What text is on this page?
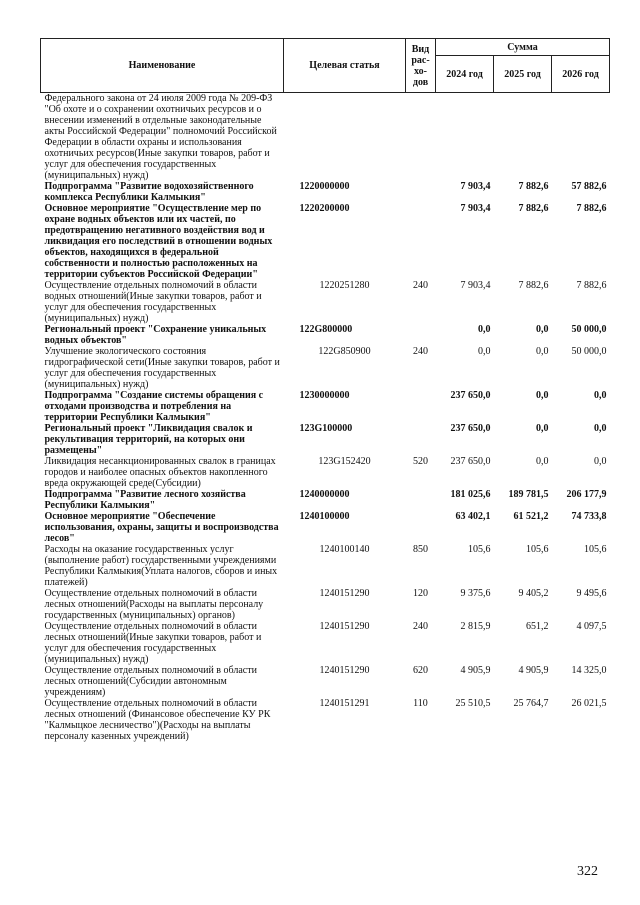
Наименование	Целевая статья	Вид рас-хо-дов	Сумма		
			2024 год	2025 год	2026 год
Федерального закона от 24 июля 2009 года № 209-ФЗ "Об охоте и о сохранении охотничьих ресурсов и о внесении изменений в отдельные законодательные акты Российской Федерации" полномочий Российской Федерации в области охраны и использования охотничьих ресурсов(Иные закупки товаров, работ и услуг для обеспечения государственных (муниципальных) нужд)					
Подпрограмма "Развитие водохозяйственного комплекса Республики Калмыкия"	1220000000		7 903,4	7 882,6	57 882,6
Основное мероприятие "Осуществление мер по охране водных объектов или их частей, по предотвращению негативного воздействия вод и ликвидация его последствий в отношении водных объектов, находящихся в федеральной собственности и полностью расположенных на территории субъектов Российской Федерации"	1220200000		7 903,4	7 882,6	7 882,6
Осуществление отдельных полномочий в области водных отношений(Иные закупки товаров, работ и услуг для обеспечения государственных (муниципальных) нужд)	1220251280	240	7 903,4	7 882,6	7 882,6
Региональный проект "Сохранение уникальных водных объектов"	122G800000		0,0	0,0	50 000,0
Улучшение экологического состояния гидрографической сети(Иные закупки товаров, работ и услуг для обеспечения государственных (муниципальных) нужд)	122G850900	240	0,0	0,0	50 000,0
Подпрограмма "Создание системы обращения с отходами производства и потребления на территории Республики Калмыкия"	1230000000		237 650,0	0,0	0,0
Региональный проект "Ликвидация свалок и рекультивация территорий, на которых они размещены"	123G100000		237 650,0	0,0	0,0
Ликвидация несанкционированных свалок в границах городов и наиболее опасных объектов накопленного вреда окружающей среде(Субсидии)	123G152420	520	237 650,0	0,0	0,0
Подпрограмма "Развитие лесного хозяйства Республики Калмыкия"	1240000000		181 025,6	189 781,5	206 177,9
Основное мероприятие "Обеспечение использования, охраны, защиты и воспроизводства лесов"	1240100000		63 402,1	61 521,2	74 733,8
Расходы на оказание государственных услуг (выполнение работ) государственными учреждениями Республики Калмыкия(Уплата налогов, сборов и иных платежей)	1240100140	850	105,6	105,6	105,6
Осуществление отдельных полномочий в области лесных отношений(Расходы на выплаты персоналу государственных (муниципальных) органов)	1240151290	120	9 375,6	9 405,2	9 495,6
Осуществление отдельных полномочий в области лесных отношений(Иные закупки товаров, работ и услуг для обеспечения государственных (муниципальных) нужд)	1240151290	240	2 815,9	651,2	4 097,5
Осуществление отдельных полномочий в области лесных отношений(Субсидии автономным учреждениям)	1240151290	620	4 905,9	4 905,9	14 325,0
Осуществление отдельных полномочий в области лесных отношений (Финансовое обеспечение КУ РК "Калмыцкое лесничество")(Расходы на выплаты персоналу казенных учреждений)	1240151291	110	25 510,5	25 764,7	26 021,5
322
